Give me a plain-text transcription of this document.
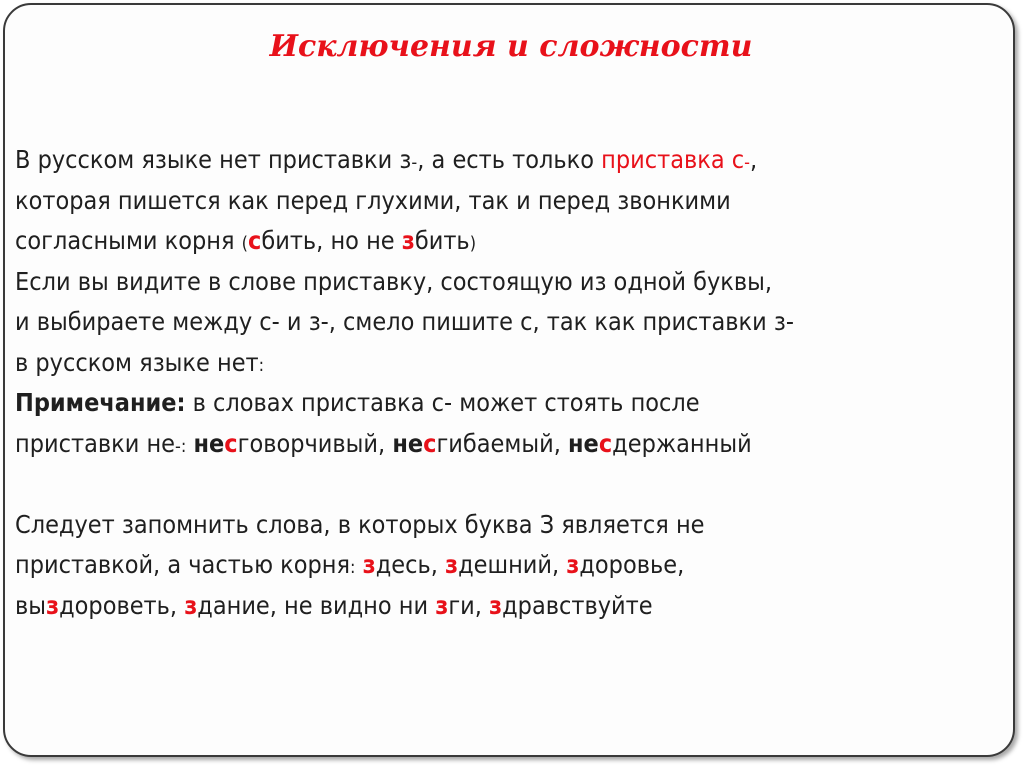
Исключения и сложности
В русском языке нет приставки з-, а есть только приставка с-,
которая пишется как перед глухими, так и перед звонкими
согласными корня (сбить, но не збить)
Если вы видите в слове приставку, состоящую из одной буквы,
и выбираете между с- и з-, смело пишите с, так как приставки з-
в русском языке нет:
Примечание: в словах приставка с- может стоять после
приставки не-: несговорчивый, несгибаемый, несдержанный
Следует запомнить слова, в которых буква З является не
приставкой, а частью корня: здесь, здешний, здоровье,
выздороветь, здание, не видно ни зги, здравствуйте
